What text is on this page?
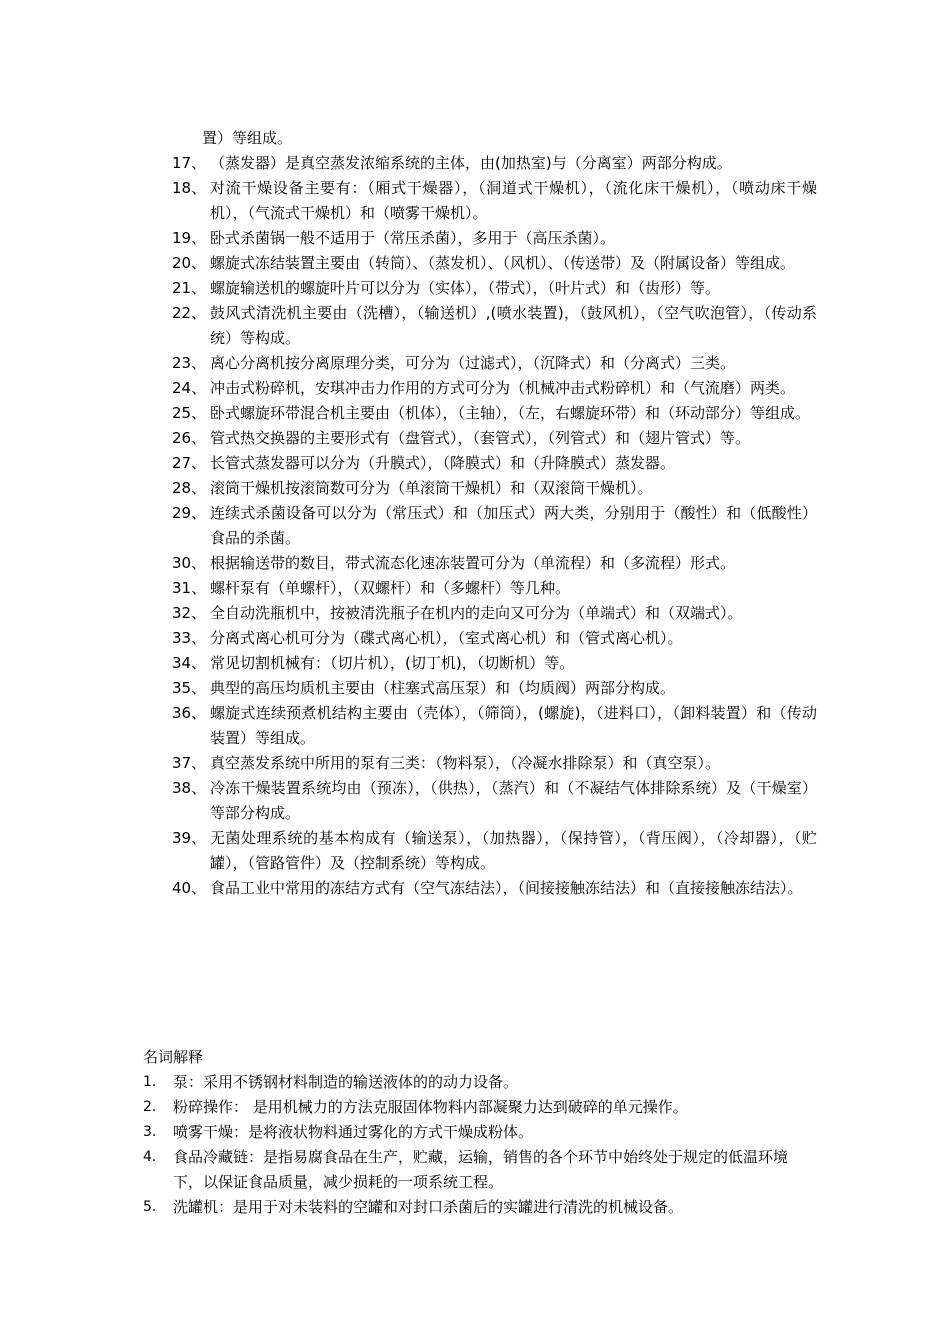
置）等组成。
17、 （蒸发器）是真空蒸发浓缩系统的主体，由(加热室)与（分离室）两部分构成。
18、 对流干燥设备主要有：（厢式干燥器），（洞道式干燥机），（流化床干燥机），（喷动床干燥机），（气流式干燥机）和（喷雾干燥机）。
19、 卧式杀菌锅一般不适用于（常压杀菌），多用于（高压杀菌）。
20、 螺旋式冻结装置主要由（转筒）、（蒸发机）、（风机）、（传送带）及（附属设备）等组成。
21、 螺旋输送机的螺旋叶片可以分为（实体），（带式），（叶片式）和（齿形）等。
22、 鼓风式清洗机主要由（洗槽），（输送机）,(喷水装置)，（鼓风机），（空气吹泡管），（传动系统）等构成。
23、 离心分离机按分离原理分类，可分为（过滤式），（沉降式）和（分离式）三类。
24、 冲击式粉碎机，安琪冲击力作用的方式可分为（机械冲击式粉碎机）和（气流磨）两类。
25、 卧式螺旋环带混合机主要由（机体），（主轴），（左，右螺旋环带）和（环动部分）等组成。
26、 管式热交换器的主要形式有（盘管式），（套管式），（列管式）和（翅片管式）等。
27、 长管式蒸发器可以分为（升膜式），（降膜式）和（升降膜式）蒸发器。
28、 滚筒干燥机按滚筒数可分为（单滚筒干燥机）和（双滚筒干燥机）。
29、 连续式杀菌设备可以分为（常压式）和（加压式）两大类，分别用于（酸性）和（低酸性）食品的杀菌。
30、 根据输送带的数目，带式流态化速冻装置可分为（单流程）和（多流程）形式。
31、 螺杆泵有（单螺杆），（双螺杆）和（多螺杆）等几种。
32、 全自动洗瓶机中，按被清洗瓶子在机内的走向又可分为（单端式）和（双端式）。
33、 分离式离心机可分为（碟式离心机），（室式离心机）和（管式离心机）。
34、 常见切割机械有：（切片机），(切丁机)，（切断机）等。
35、 典型的高压均质机主要由（柱塞式高压泵）和（均质阀）两部分构成。
36、 螺旋式连续预煮机结构主要由（壳体），（筛筒），(螺旋)，（进料口），（卸料装置）和（传动装置）等组成。
37、 真空蒸发系统中所用的泵有三类：（物料泵），（冷凝水排除泵）和（真空泵）。
38、 冷冻干燥装置系统均由（预冻），（供热），（蒸汽）和（不凝结气体排除系统）及（干燥室）等部分构成。
39、 无菌处理系统的基本构成有（输送泵），（加热器），（保持管），（背压阀），（冷却器），（贮罐），（管路管件）及（控制系统）等构成。
40、 食品工业中常用的冻结方式有（空气冻结法），（间接接触冻结法）和（直接接触冻结法）。
名词解释
1.	泵：采用不锈钢材料制造的输送液体的的动力设备。
2.	粉碎操作： 是用机械力的方法克服固体物料内部凝聚力达到破碎的单元操作。
3.	喷雾干燥：是将液状物料通过雾化的方式干燥成粉体。
4.	食品冷藏链：是指易腐食品在生产，贮藏，运输，销售的各个环节中始终处于规定的低温环境下，以保证食品质量，减少损耗的一项系统工程。
5.	洗罐机：是用于对未装料的空罐和对封口杀菌后的实罐进行清洗的机械设备。
